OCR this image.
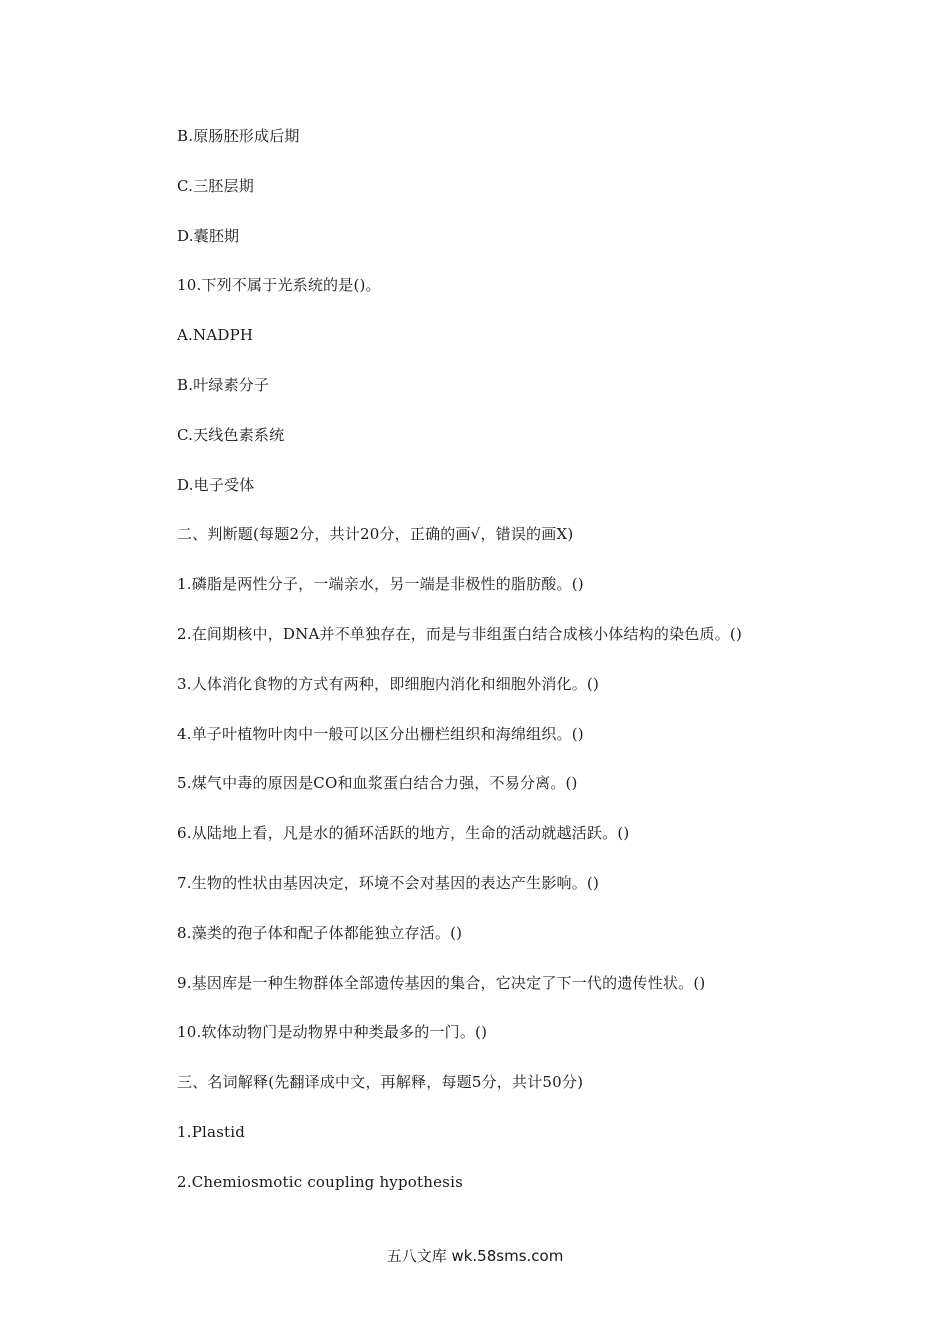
B.原肠胚形成后期
C.三胚层期
D.囊胚期
10.下列不属于光系统的是()。
A.NADPH
B.叶绿素分子
C.天线色素系统
D.电子受体
二、判断题(每题2分，共计20分，正确的画√，错误的画X)
1.磷脂是两性分子，一端亲水，另一端是非极性的脂肪酸。()
2.在间期核中，DNA并不单独存在，而是与非组蛋白结合成核小体结构的染色质。()
3.人体消化食物的方式有两种，即细胞内消化和细胞外消化。()
4.单子叶植物叶肉中一般可以区分出栅栏组织和海绵组织。()
5.煤气中毒的原因是CO和血浆蛋白结合力强，不易分离。()
6.从陆地上看，凡是水的循环活跃的地方，生命的活动就越活跃。()
7.生物的性状由基因决定，环境不会对基因的表达产生影响。()
8.藻类的孢子体和配子体都能独立存活。()
9.基因库是一种生物群体全部遗传基因的集合，它决定了下一代的遗传性状。()
10.软体动物门是动物界中种类最多的一门。()
三、名词解释(先翻译成中文，再解释，每题5分，共计50分)
1.Plastid
2.Chemiosmotic coupling hypothesis
五八文库 wk.58sms.com
